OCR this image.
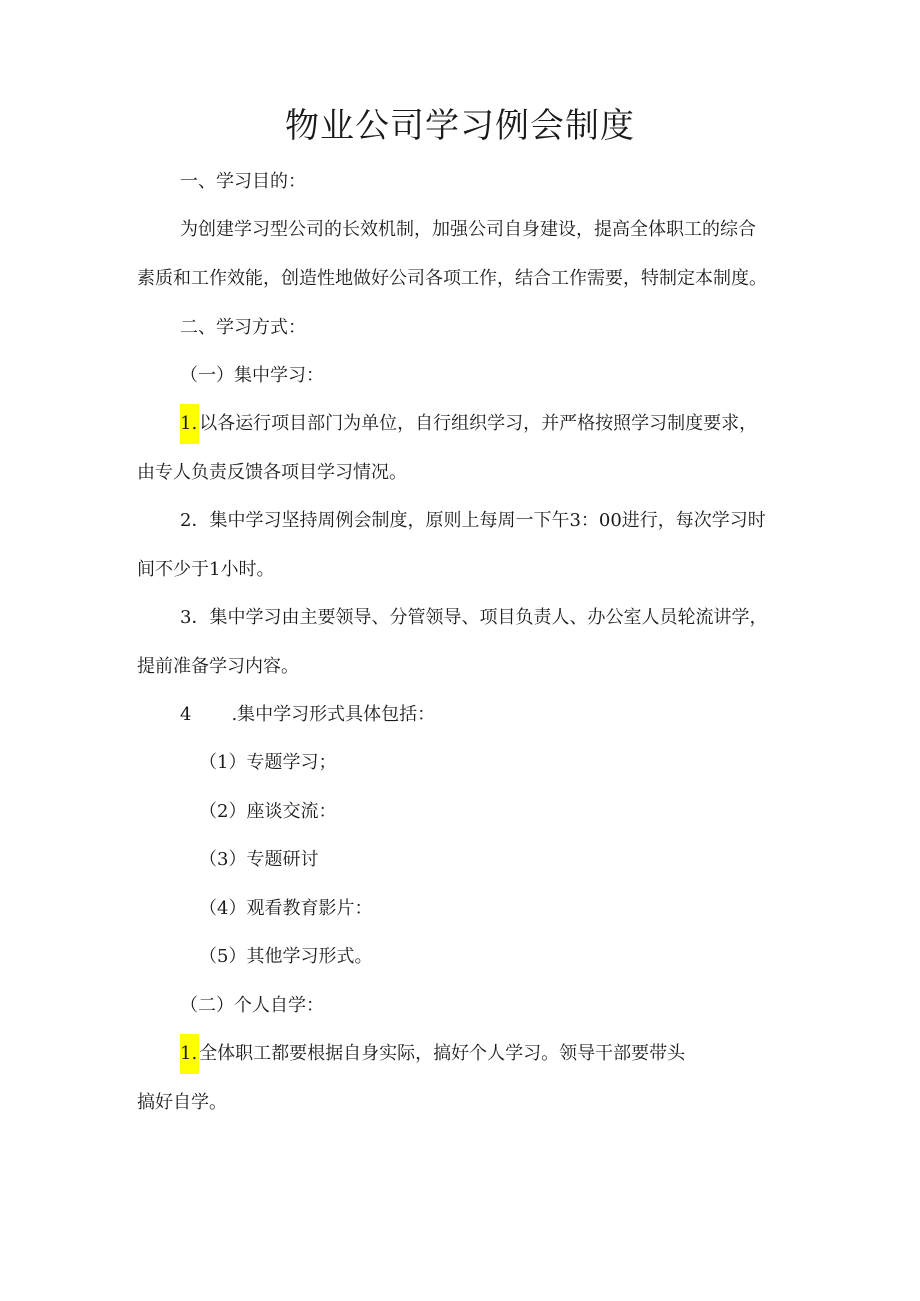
物业公司学习例会制度
一、学习目的：
为创建学习型公司的长效机制，加强公司自身建设，提高全体职工的综合
素质和工作效能，创造性地做好公司各项工作，结合工作需要，特制定本制度。
二、学习方式：
（一）集中学习：
1. 以各运行项目部门为单位，自行组织学习，并严格按照学习制度要求，
由专人负责反馈各项目学习情况。
2．集中学习坚持周例会制度，原则上每周一下午3：00进行，每次学习时
间不少于1小时。
3．集中学习由主要领导、分管领导、项目负责人、办公室人员轮流讲学，
提前准备学习内容。
4 .集中学习形式具体包括：
（1）专题学习；
（2）座谈交流：
（3）专题研讨
（4）观看教育影片：
（5）其他学习形式。
（二）个人自学：
1. 全体职工都要根据自身实际，搞好个人学习。领导干部要带头
搞好自学。
